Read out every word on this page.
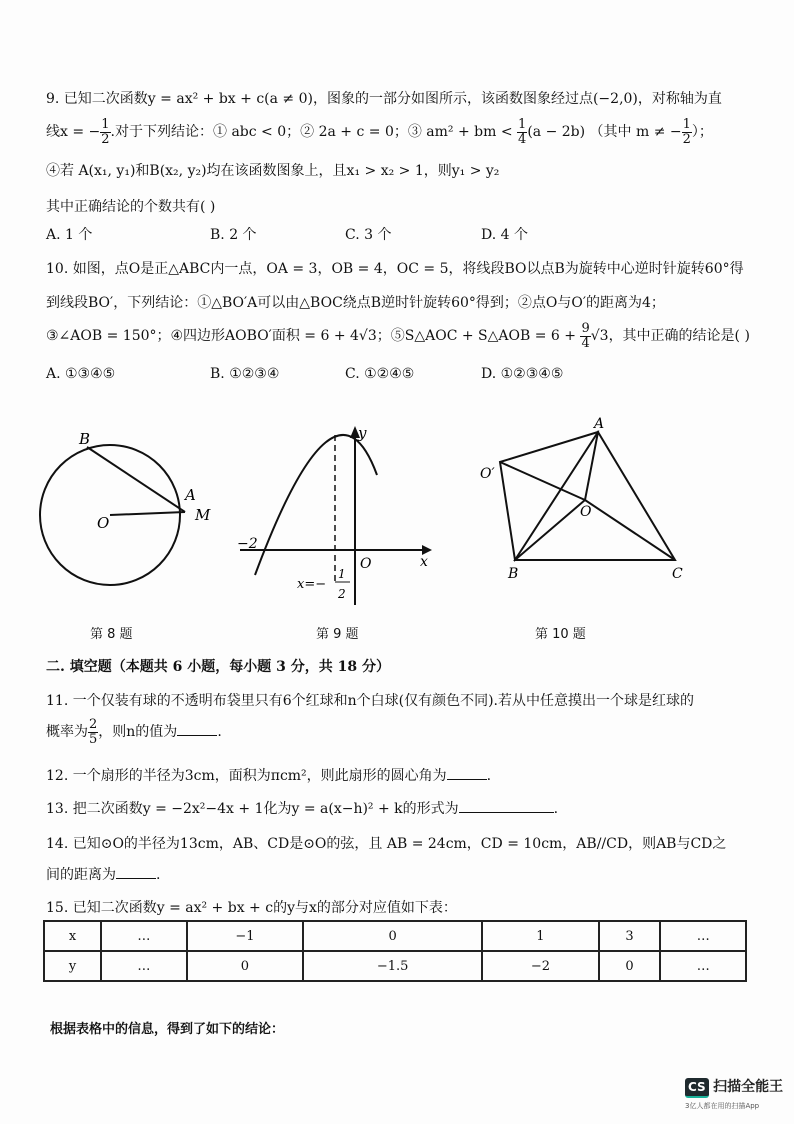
9. 已知二次函数y = ax² + bx + c(a ≠ 0)，图象的一部分如图所示，该函数图象经过点(−2,0)，对称轴为直
线x = − $\frac{1}{2}$ .对于下列结论：① abc < 0；② 2a + c = 0；③ am² + bm < $\frac{1}{4} (a - 2b)$ （其中 m ≠ − $\frac{1}{2}$ ）；
④若 A(x₁, y₁)和B(x₂, y₂)均在该函数图象上，且x₁ > x₂ > 1，则y₁ > y₂
其中正确结论的个数共有( )
A. 1 个	B. 2 个	C. 3 个	D. 4 个
10. 如图，点O是正△ABC内一点，OA = 3，OB = 4，OC = 5，将线段BO以点B为旋转中心逆时针旋转60°得
到线段BO′，下列结论：①△BO′A可以由△BOC绕点B逆时针旋转60°得到；②点O与O′的距离为4；
③∠AOB = 150°；④四边形AOBO′面积 = 6 + 4√3；⑤S△AOC + S△AOB = $6 + \frac{9}{4} √3$，其中正确的结论是( )
A. ①③④⑤	B. ①②③④	C. ①②④⑤	D. ①②③④⑤
B
A
O	M
y
−2
O	x
x=−
1
2
A
O′
O
B	C
第 8 题	第 9 题	第 10 题
二. 填空题（本题共 6 小题，每小题 3 分，共 18 分）
11. 一个仅装有球的不透明布袋里只有6个红球和n个白球(仅有颜色不同).若从中任意摸出一个球是红球的
概率为 $\frac{2}{5}$ ，则n的值为	.
12. 一个扇形的半径为3cm，面积为πcm²，则此扇形的圆心角为	.
13. 把二次函数y = −2x²−4x + 1化为y = a(x−h)² + k的形式为	.
14. 已知⊙O的半径为13cm，AB、CD是⊙O的弦，且 AB = 24cm，CD = 10cm，AB//CD，则AB与CD之
间的距离为	.
15. 已知二次函数y = ax² + bx + c的y与x的部分对应值如下表：
x	…	−1	0	1	3	…
y	…	0	−1.5	−2	0	…
根据表格中的信息，得到了如下的结论：
CS 扫描全能王
3亿人都在用的扫描App
